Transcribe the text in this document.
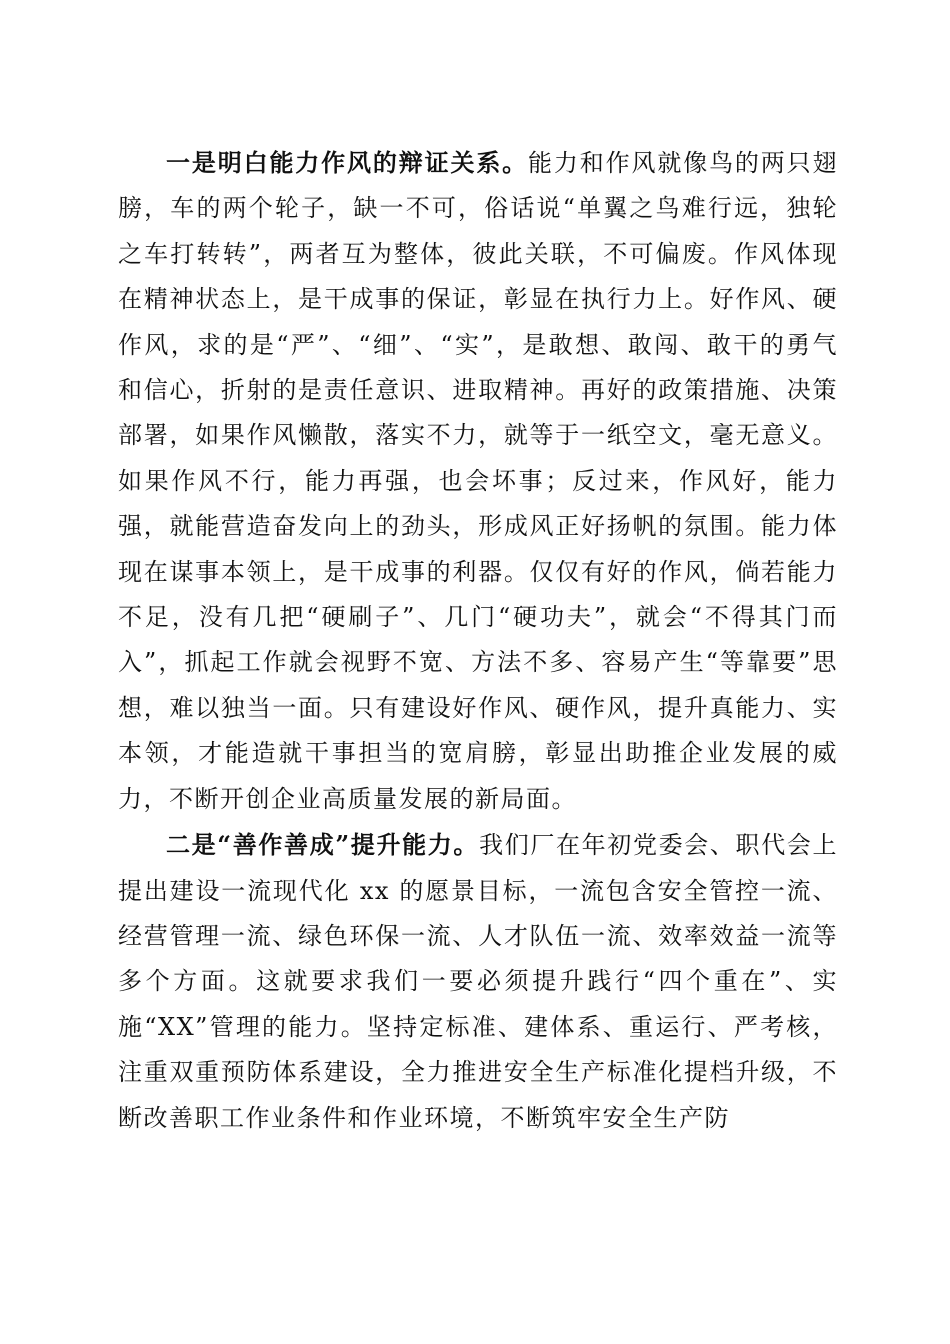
一是明白能力作风的辩证关系。能力和作风就像鸟的两只翅膀，车的两个轮子，缺一不可，俗话说“单翼之鸟难行远，独轮之车打转转”，两者互为整体，彼此关联，不可偏废。作风体现在精神状态上，是干成事的保证，彰显在执行力上。好作风、硬作风，求的是“严”、“细”、“实”，是敢想、敢闯、敢干的勇气和信心，折射的是责任意识、进取精神。再好的政策措施、决策部署，如果作风懒散，落实不力，就等于一纸空文，毫无意义。如果作风不行，能力再强，也会坏事；反过来，作风好，能力强，就能营造奋发向上的劲头，形成风正好扬帆的氛围。能力体现在谋事本领上，是干成事的利器。仅仅有好的作风，倘若能力不足，没有几把“硬刷子”、几门“硬功夫”，就会“不得其门而入”，抓起工作就会视野不宽、方法不多、容易产生“等靠要”思想，难以独当一面。只有建设好作风、硬作风，提升真能力、实本领，才能造就干事担当的宽肩膀，彰显出助推企业发展的威力，不断开创企业高质量发展的新局面。

二是“善作善成”提升能力。我们厂在年初党委会、职代会上提出建设一流现代化 xx 的愿景目标，一流包含安全管控一流、经营管理一流、绿色环保一流、人才队伍一流、效率效益一流等多个方面。这就要求我们一要必须提升践行“四个重在”、实施“XX”管理的能力。坚持定标准、建体系、重运行、严考核，注重双重预防体系建设，全力推进安全生产标准化提档升级，不断改善职工作业条件和作业环境，不断筑牢安全生产防
